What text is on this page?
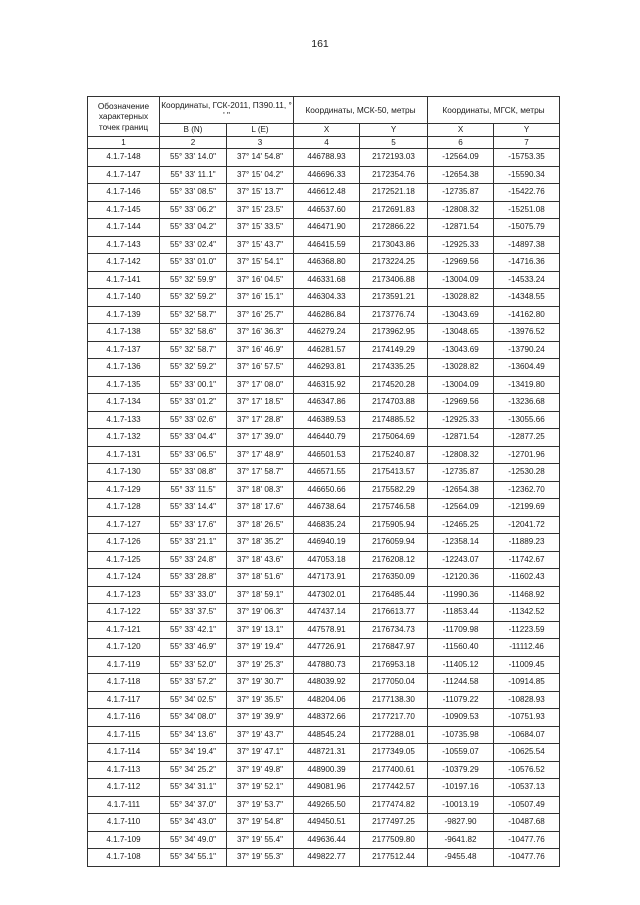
161
Обозначение характерных точек границ	Координаты, ГСК-2011, ПЗ90.11, ° ' "		Координаты, МСК-50, метры		Координаты, МГСК, метры	
	B (N)	L (E)	X	Y	X	Y
1	2	3	4	5	6	7
4.1.7-148	55° 33' 14.0"	37° 14' 54.8"	446788.93	2172193.03	-12564.09	-15753.35
4.1.7-147	55° 33' 11.1"	37° 15' 04.2"	446696.33	2172354.76	-12654.38	-15590.34
4.1.7-146	55° 33' 08.5"	37° 15' 13.7"	446612.48	2172521.18	-12735.87	-15422.76
4.1.7-145	55° 33' 06.2"	37° 15' 23.5"	446537.60	2172691.83	-12808.32	-15251.08
4.1.7-144	55° 33' 04.2"	37° 15' 33.5"	446471.90	2172866.22	-12871.54	-15075.79
4.1.7-143	55° 33' 02.4"	37° 15' 43.7"	446415.59	2173043.86	-12925.33	-14897.38
4.1.7-142	55° 33' 01.0"	37° 15' 54.1"	446368.80	2173224.25	-12969.56	-14716.36
4.1.7-141	55° 32' 59.9"	37° 16' 04.5"	446331.68	2173406.88	-13004.09	-14533.24
4.1.7-140	55° 32' 59.2"	37° 16' 15.1"	446304.33	2173591.21	-13028.82	-14348.55
4.1.7-139	55° 32' 58.7"	37° 16' 25.7"	446286.84	2173776.74	-13043.69	-14162.80
4.1.7-138	55° 32' 58.6"	37° 16' 36.3"	446279.24	2173962.95	-13048.65	-13976.52
4.1.7-137	55° 32' 58.7"	37° 16' 46.9"	446281.57	2174149.29	-13043.69	-13790.24
4.1.7-136	55° 32' 59.2"	37° 16' 57.5"	446293.81	2174335.25	-13028.82	-13604.49
4.1.7-135	55° 33' 00.1"	37° 17' 08.0"	446315.92	2174520.28	-13004.09	-13419.80
4.1.7-134	55° 33' 01.2"	37° 17' 18.5"	446347.86	2174703.88	-12969.56	-13236.68
4.1.7-133	55° 33' 02.6"	37° 17' 28.8"	446389.53	2174885.52	-12925.33	-13055.66
4.1.7-132	55° 33' 04.4"	37° 17' 39.0"	446440.79	2175064.69	-12871.54	-12877.25
4.1.7-131	55° 33' 06.5"	37° 17' 48.9"	446501.53	2175240.87	-12808.32	-12701.96
4.1.7-130	55° 33' 08.8"	37° 17' 58.7"	446571.55	2175413.57	-12735.87	-12530.28
4.1.7-129	55° 33' 11.5"	37° 18' 08.3"	446650.66	2175582.29	-12654.38	-12362.70
4.1.7-128	55° 33' 14.4"	37° 18' 17.6"	446738.64	2175746.58	-12564.09	-12199.69
4.1.7-127	55° 33' 17.6"	37° 18' 26.5"	446835.24	2175905.94	-12465.25	-12041.72
4.1.7-126	55° 33' 21.1"	37° 18' 35.2"	446940.19	2176059.94	-12358.14	-11889.23
4.1.7-125	55° 33' 24.8"	37° 18' 43.6"	447053.18	2176208.12	-12243.07	-11742.67
4.1.7-124	55° 33' 28.8"	37° 18' 51.6"	447173.91	2176350.09	-12120.36	-11602.43
4.1.7-123	55° 33' 33.0"	37° 18' 59.1"	447302.01	2176485.44	-11990.36	-11468.92
4.1.7-122	55° 33' 37.5"	37° 19' 06.3"	447437.14	2176613.77	-11853.44	-11342.52
4.1.7-121	55° 33' 42.1"	37° 19' 13.1"	447578.91	2176734.73	-11709.98	-11223.59
4.1.7-120	55° 33' 46.9"	37° 19' 19.4"	447726.91	2176847.97	-11560.40	-11112.46
4.1.7-119	55° 33' 52.0"	37° 19' 25.3"	447880.73	2176953.18	-11405.12	-11009.45
4.1.7-118	55° 33' 57.2"	37° 19' 30.7"	448039.92	2177050.04	-11244.58	-10914.85
4.1.7-117	55° 34' 02.5"	37° 19' 35.5"	448204.06	2177138.30	-11079.22	-10828.93
4.1.7-116	55° 34' 08.0"	37° 19' 39.9"	448372.66	2177217.70	-10909.53	-10751.93
4.1.7-115	55° 34' 13.6"	37° 19' 43.7"	448545.24	2177288.01	-10735.98	-10684.07
4.1.7-114	55° 34' 19.4"	37° 19' 47.1"	448721.31	2177349.05	-10559.07	-10625.54
4.1.7-113	55° 34' 25.2"	37° 19' 49.8"	448900.39	2177400.61	-10379.29	-10576.52
4.1.7-112	55° 34' 31.1"	37° 19' 52.1"	449081.96	2177442.57	-10197.16	-10537.13
4.1.7-111	55° 34' 37.0"	37° 19' 53.7"	449265.50	2177474.82	-10013.19	-10507.49
4.1.7-110	55° 34' 43.0"	37° 19' 54.8"	449450.51	2177497.25	-9827.90	-10487.68
4.1.7-109	55° 34' 49.0"	37° 19' 55.4"	449636.44	2177509.80	-9641.82	-10477.76
4.1.7-108	55° 34' 55.1"	37° 19' 55.3"	449822.77	2177512.44	-9455.48	-10477.76
